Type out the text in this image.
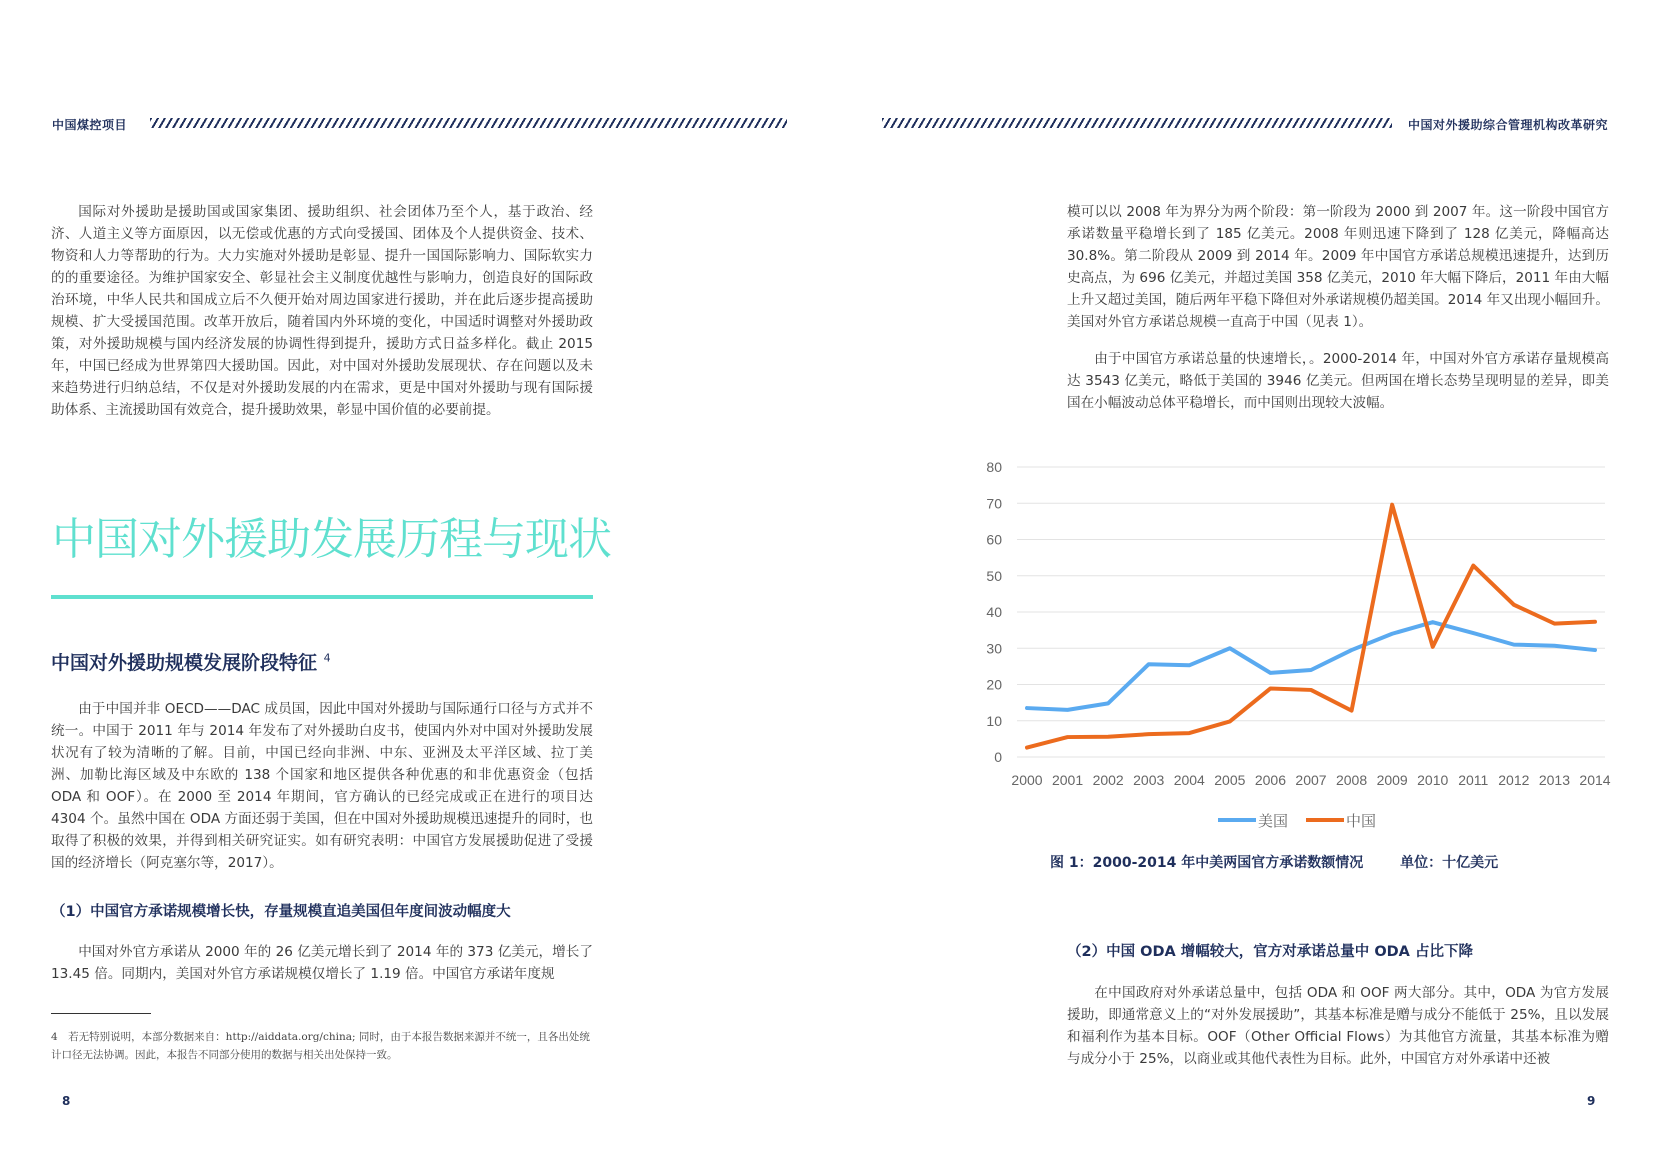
中国煤控项目	中国对外援助综合管理机构改革研究

国际对外援助是援助国或国家集团、援助组织、社会团体乃至个人，基于政治、经济、人道主义等方面原因，以无偿或优惠的方式向受援国、团体及个人提供资金、技术、物资和人力等帮助的行为。大力实施对外援助是彰显、提升一国国际影响力、国际软实力的的重要途径。为维护国家安全、彰显社会主义制度优越性与影响力，创造良好的国际政治环境，中华人民共和国成立后不久便开始对周边国家进行援助，并在此后逐步提高援助规模、扩大受援国范围。改革开放后，随着国内外环境的变化，中国适时调整对外援助政策，对外援助规模与国内经济发展的协调性得到提升，援助方式日益多样化。截止 2015 年，中国已经成为世界第四大援助国。因此，对中国对外援助发展现状、存在问题以及未来趋势进行归纳总结，不仅是对外援助发展的内在需求，更是中国对外援助与现有国际援助体系、主流援助国有效竞合，提升援助效果，彰显中国价值的必要前提。

中国对外援助发展历程与现状
中国对外援助规模发展阶段特征 $^4$

由于中国并非 OECD——DAC 成员国，因此中国对外援助与国际通行口径与方式并不统一。中国于 2011 年与 2014 年发布了对外援助白皮书，使国内外对中国对外援助发展状况有了较为清晰的了解。目前，中国已经向非洲、中东、亚洲及太平洋区域、拉丁美洲、加勒比海区域及中东欧的 138 个国家和地区提供各种优惠的和非优惠资金（包括 ODA 和 OOF）。在 2000 至 2014 年期间，官方确认的已经完成或正在进行的项目达 4304 个。虽然中国在 ODA 方面还弱于美国，但在中国对外援助规模迅速提升的同时，也取得了积极的效果，并得到相关研究证实。如有研究表明：中国官方发展援助促进了受援国的经济增长（阿克塞尔等，2017）。

（1）中国官方承诺规模增长快，存量规模直追美国但年度间波动幅度大

中国对外官方承诺从 2000 年的 26 亿美元增长到了 2014 年的 373 亿美元，增长了 13.45 倍。同期内，美国对外官方承诺规模仅增长了 1.19 倍。中国官方承诺年度规

4　若无特别说明，本部分数据来自：http://aiddata.org/china; 同时，由于本报告数据来源并不统一，且各出处统计口径无法协调。因此，本报告不同部分使用的数据与相关出处保持一致。

8

模可以以 2008 年为界分为两个阶段：第一阶段为 2000 到 2007 年。这一阶段中国官方承诺数量平稳增长到了 185 亿美元。2008 年则迅速下降到了 128 亿美元，降幅高达 30.8%。第二阶段从 2009 到 2014 年。2009 年中国官方承诺总规模迅速提升，达到历史高点，为 696 亿美元，并超过美国 358 亿美元，2010 年大幅下降后，2011 年由大幅上升又超过美国，随后两年平稳下降但对外承诺规模仍超美国。2014 年又出现小幅回升。美国对外官方承诺总规模一直高于中国（见表 1）。

由于中国官方承诺总量的快速增长，。2000-2014 年，中国对外官方承诺存量规模高达 3543 亿美元，略低于美国的 3946 亿美元。但两国在增长态势呈现明显的差异，即美国在小幅波动总体平稳增长，而中国则出现较大波幅。

0
10
20
30
40
50
60
70
80
2000 2001 2002 2003 2004 2005 2006 2007 2008 2009 2010 2011 2012 2013 2014
美国	中国
图 1：2000-2014 年中美两国官方承诺数额情况	单位：十亿美元
（2）中国 ODA 增幅较大，官方对承诺总量中 ODA 占比下降

在中国政府对外承诺总量中，包括 ODA 和 OOF 两大部分。其中，ODA 为官方发展援助，即通常意义上的“对外发展援助”，其基本标准是赠与成分不能低于 25%，且以发展和福利作为基本目标。OOF（Other Official Flows）为其他官方流量，其基本标准为赠与成分小于 25%，以商业或其他代表性为目标。此外，中国官方对外承诺中还被

9
